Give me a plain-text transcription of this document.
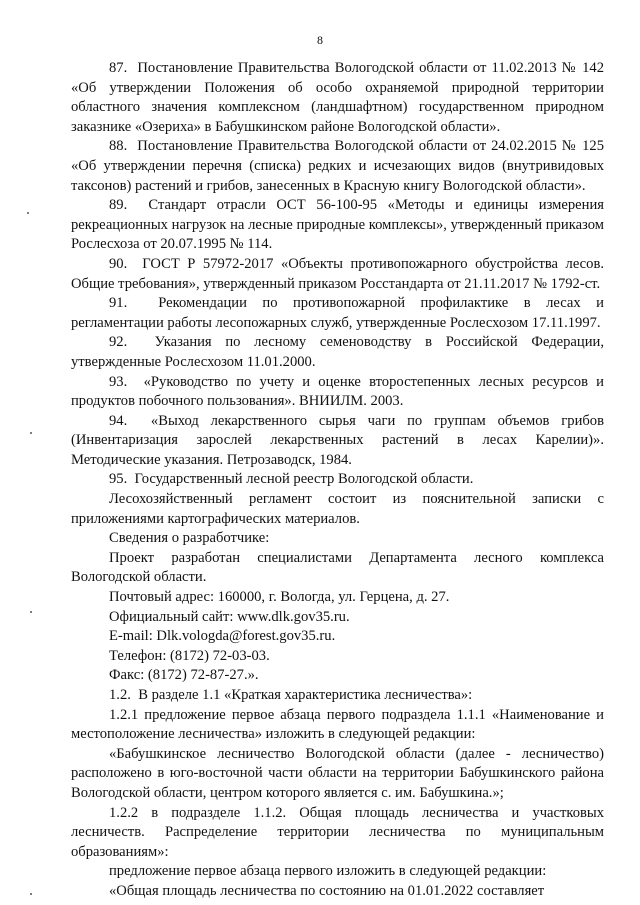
8

87.  Постановление Правительства Вологодской области от 11.02.2013 № 142 «Об утверждении Положения об особо охраняемой природной территории областного значения комплексном (ландшафтном) государственном природном заказнике «Озериха» в Бабушкинском районе Вологодской области».

88.  Постановление Правительства Вологодской области от 24.02.2015 № 125 «Об утверждении перечня (списка) редких и исчезающих видов (внутривидовых таксонов) растений и грибов, занесенных в Красную книгу Вологодской области».

89.  Стандарт отрасли ОСТ 56-100-95 «Методы и единицы измерения рекреационных нагрузок на лесные природные комплексы», утвержденный приказом Рослесхоза от 20.07.1995 № 114.

90.  ГОСТ Р 57972-2017 «Объекты противопожарного обустройства лесов. Общие требования», утвержденный приказом Росстандарта от 21.11.2017 № 1792-ст.

91.  Рекомендации по противопожарной профилактике в лесах и регламентации работы лесопожарных служб, утвержденные Рослесхозом 17.11.1997.

92.  Указания по лесному семеноводству в Российской Федерации, утвержденные Рослесхозом 11.01.2000.

93.  «Руководство по учету и оценке второстепенных лесных ресурсов и продуктов побочного пользования». ВНИИЛМ. 2003.

94.  «Выход лекарственного сырья чаги по группам объемов грибов (Инвентаризация зарослей лекарственных растений в лесах Карелии)». Методические указания. Петрозаводск, 1984.

95.  Государственный лесной реестр Вологодской области.

Лесохозяйственный регламент состоит из пояснительной записки с приложениями картографических материалов.

Сведения о разработчике:

Проект разработан специалистами Департамента лесного комплекса Вологодской области.

Почтовый адрес: 160000, г. Вологда, ул. Герцена, д. 27.

Официальный сайт: www.dlk.gov35.ru.

E-mail: Dlk.vologda@forest.gov35.ru.

Телефон: (8172) 72-03-03.

Факс: (8172) 72-87-27.».

1.2.  В разделе 1.1 «Краткая характеристика лесничества»:

1.2.1 предложение первое абзаца первого подраздела 1.1.1 «Наименование и местоположение лесничества» изложить в следующей редакции:

«Бабушкинское лесничество Вологодской области (далее - лесничество) расположено в юго-восточной части области на территории Бабушкинского района Вологодской области, центром которого является с. им. Бабушкина.»;

1.2.2 в подразделе 1.1.2. Общая площадь лесничества и участковых лесничеств. Распределение территории лесничества по муниципальным образованиям»:

предложение первое абзаца первого изложить в следующей редакции:

«Общая площадь лесничества по состоянию на 01.01.2022 составляет
